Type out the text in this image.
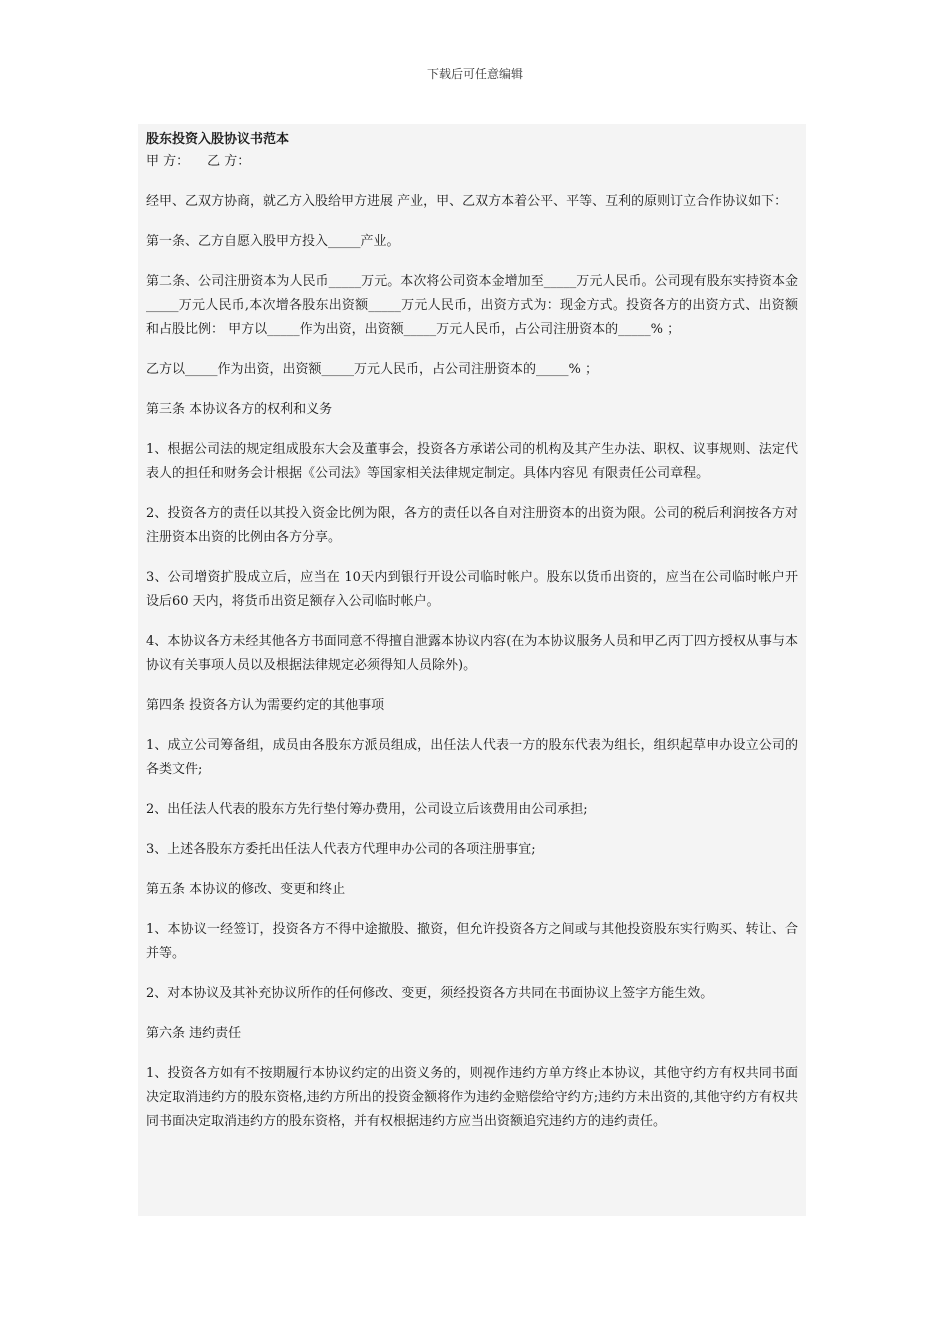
下载后可任意编辑

股东投资入股协议书范本

甲 方： 乙 方：

经甲、乙双方协商，就乙方入股给甲方进展 产业，甲、乙双方本着公平、平等、互利的原则订立合作协议如下：

第一条、乙方自愿入股甲方投入_____产业。

第二条、公司注册资本为人民币_____万元。本次将公司资本金增加至_____万元人民币。公司现有股东实持资本金_____万元人民币,本次增各股东出资额_____万元人民币，出资方式为：现金方式。投资各方的出资方式、出资额和占股比例： 甲方以_____作为出资，出资额_____万元人民币，占公司注册资本的_____% ；

乙方以_____作为出资，出资额_____万元人民币，占公司注册资本的_____% ；

第三条 本协议各方的权利和义务

1、根据公司法的规定组成股东大会及董事会，投资各方承诺公司的机构及其产生办法、职权、议事规则、法定代表人的担任和财务会计根据《公司法》等国家相关法律规定制定。具体内容见 有限责任公司章程。

2、投资各方的责任以其投入资金比例为限，各方的责任以各自对注册资本的出资为限。公司的税后利润按各方对注册资本出资的比例由各方分享。

3、公司增资扩股成立后，应当在 10天内到银行开设公司临时帐户。股东以货币出资的，应当在公司临时帐户开设后60 天内，将货币出资足额存入公司临时帐户。

4、本协议各方未经其他各方书面同意不得擅自泄露本协议内容(在为本协议服务人员和甲乙丙丁四方授权从事与本协议有关事项人员以及根据法律规定必须得知人员除外)。

第四条 投资各方认为需要约定的其他事项

1、成立公司筹备组，成员由各股东方派员组成，出任法人代表一方的股东代表为组长，组织起草申办设立公司的各类文件;

2、出任法人代表的股东方先行垫付筹办费用，公司设立后该费用由公司承担;

3、上述各股东方委托出任法人代表方代理申办公司的各项注册事宜;

第五条 本协议的修改、变更和终止

1、本协议一经签订，投资各方不得中途撤股、撤资，但允许投资各方之间或与其他投资股东实行购买、转让、合并等。

2、对本协议及其补充协议所作的任何修改、变更，须经投资各方共同在书面协议上签字方能生效。

第六条 违约责任

1、投资各方如有不按期履行本协议约定的出资义务的，则视作违约方单方终止本协议，其他守约方有权共同书面决定取消违约方的股东资格,违约方所出的投资金额将作为违约金赔偿给守约方;违约方未出资的,其他守约方有权共同书面决定取消违约方的股东资格，并有权根据违约方应当出资额追究违约方的违约责任。
